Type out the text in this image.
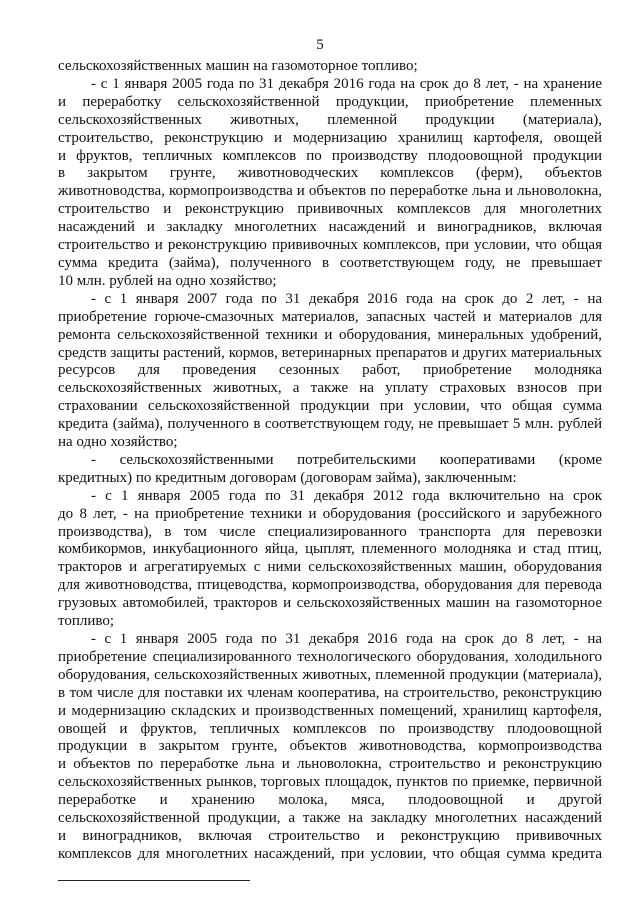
5
сельскохозяйственных машин на газомоторное топливо;
- с 1 января 2005 года по 31 декабря 2016 года на срок до 8 лет, - на хранение
и переработку сельскохозяйственной продукции, приобретение племенных
сельскохозяйственных животных, племенной продукции (материала),
строительство, реконструкцию и модернизацию хранилищ картофеля, овощей
и фруктов, тепличных комплексов по производству плодоовощной продукции
в закрытом грунте, животноводческих комплексов (ферм), объектов
животноводства, кормопроизводства и объектов по переработке льна и льноволокна,
строительство и реконструкцию прививочных комплексов для многолетних
насаждений и закладку многолетних насаждений и виноградников, включая
строительство и реконструкцию прививочных комплексов, при условии, что общая
сумма кредита (займа), полученного в соответствующем году, не превышает
10 млн. рублей на одно хозяйство;
- с 1 января 2007 года по 31 декабря 2016 года на срок до 2 лет, - на
приобретение горюче-смазочных материалов, запасных частей и материалов для
ремонта сельскохозяйственной техники и оборудования, минеральных удобрений,
средств защиты растений, кормов, ветеринарных препаратов и других материальных
ресурсов для проведения сезонных работ, приобретение молодняка
сельскохозяйственных животных, а также на уплату страховых взносов при
страховании сельскохозяйственной продукции при условии, что общая сумма
кредита (займа), полученного в соответствующем году, не превышает 5 млн. рублей
на одно хозяйство;
- сельскохозяйственными потребительскими кооперативами (кроме
кредитных) по кредитным договорам (договорам займа), заключенным:
- с 1 января 2005 года по 31 декабря 2012 года включительно на срок
до 8 лет, - на приобретение техники и оборудования (российского и зарубежного
производства), в том числе специализированного транспорта для перевозки
комбикормов, инкубационного яйца, цыплят, племенного молодняка и стад птиц,
тракторов и агрегатируемых с ними сельскохозяйственных машин, оборудования
для животноводства, птицеводства, кормопроизводства, оборудования для перевода
грузовых автомобилей, тракторов и сельскохозяйственных машин на газомоторное
топливо;
- с 1 января 2005 года по 31 декабря 2016 года на срок до 8 лет, - на
приобретение специализированного технологического оборудования, холодильного
оборудования, сельскохозяйственных животных, племенной продукции (материала),
в том числе для поставки их членам кооператива, на строительство, реконструкцию
и модернизацию складских и производственных помещений, хранилищ картофеля,
овощей и фруктов, тепличных комплексов по производству плодоовощной
продукции в закрытом грунте, объектов животноводства, кормопроизводства
и объектов по переработке льна и льноволокна, строительство и реконструкцию
сельскохозяйственных рынков, торговых площадок, пунктов по приемке, первичной
переработке и хранению молока, мяса, плодоовощной и другой
сельскохозяйственной продукции, а также на закладку многолетних насаждений
и виноградников, включая строительство и реконструкцию прививочных
комплексов для многолетних насаждений, при условии, что общая сумма кредита
